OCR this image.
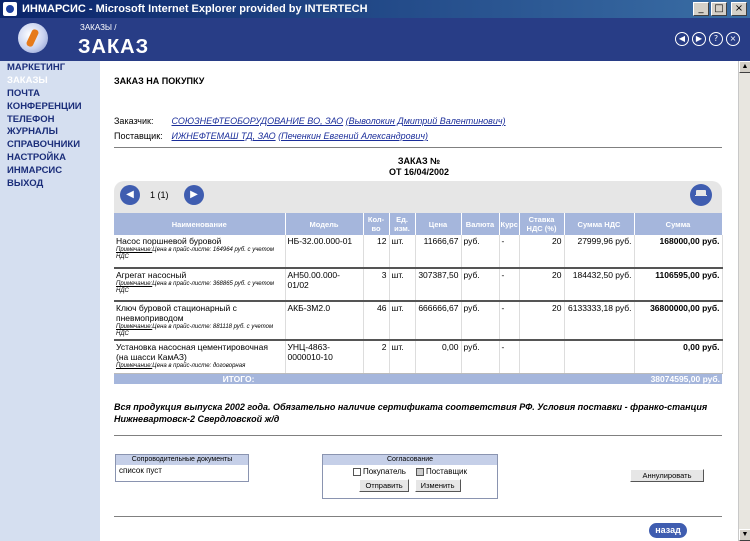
ИНМАРСИС - Microsoft Internet Explorer provided by INTERTECH	_	□	×
ЗАКАЗЫ /
ЗАКАЗ	◀	▶	?	×
МАРКЕТИНГ
ЗАКАЗЫ
ПОЧТА
КОНФЕРЕНЦИИ
ТЕЛЕФОН
ЖУРНАЛЫ
СПРАВОЧНИКИ
НАСТРОЙКА
ИНМАРСИС
ВЫХОД
ЗАКАЗ НА ПОКУПКУ
Заказчик: СОЮЗНЕФТЕОБОРУДОВАНИЕ ВО, ЗАО (Выволокин Дмитрий Валентинович)
Поставщик: ИЖНЕФТЕМАШ ТД, ЗАО (Печенкин Евгений Александрович)
ЗАКАЗ №
ОТ 16/04/2002
◀	1 (1)	▶
Наименование	Модель	Кол-во	Ед. изм.	Цена	Валюта	Курс	Ставка НДС (%)	Сумма НДС	Сумма

Насос поршневой буровой
Примечание:Цена в прайс-листе: 164964 руб. с учетом НДС	НБ-32.00.000-01	12	шт.	11666,67	руб.	-	20	27999,96 руб.	168000,00 руб.

Агрегат насосный
Примечание:Цена в прайс-листе: 368865 руб. с учетом НДС	АН50.00.000-01/02	3	шт.	307387,50	руб.	-	20	184432,50 руб.	1106595,00 руб.

Ключ буровой стационарный с пневмоприводом
Примечание:Цена в прайс-листе: 881118 руб. с учетом НДС	АКБ-3М2.0	46	шт.	666666,67	руб.	-	20	6133333,18 руб.	36800000,00 руб.

Установка насосная цементировочная (на шасси КамАЗ)
Примечание:Цена в прайс-листе: договорная	УНЦ-4863-0000010-10	2	шт.	0,00	руб.	-			0,00 руб.
ИТОГО:		38074595,00 руб.							
Вся продукция выпуска 2002 года. Обязательно наличие сертификата соответствия РФ. Условия поставки - франко-станция Нижневартовск-2 Свердловской ж/д
Сопроводительные документы
список пуст
Согласование
Покупатель	Поставщик
Отправить	Изменить
Аннулировать
назад
▲
▼
